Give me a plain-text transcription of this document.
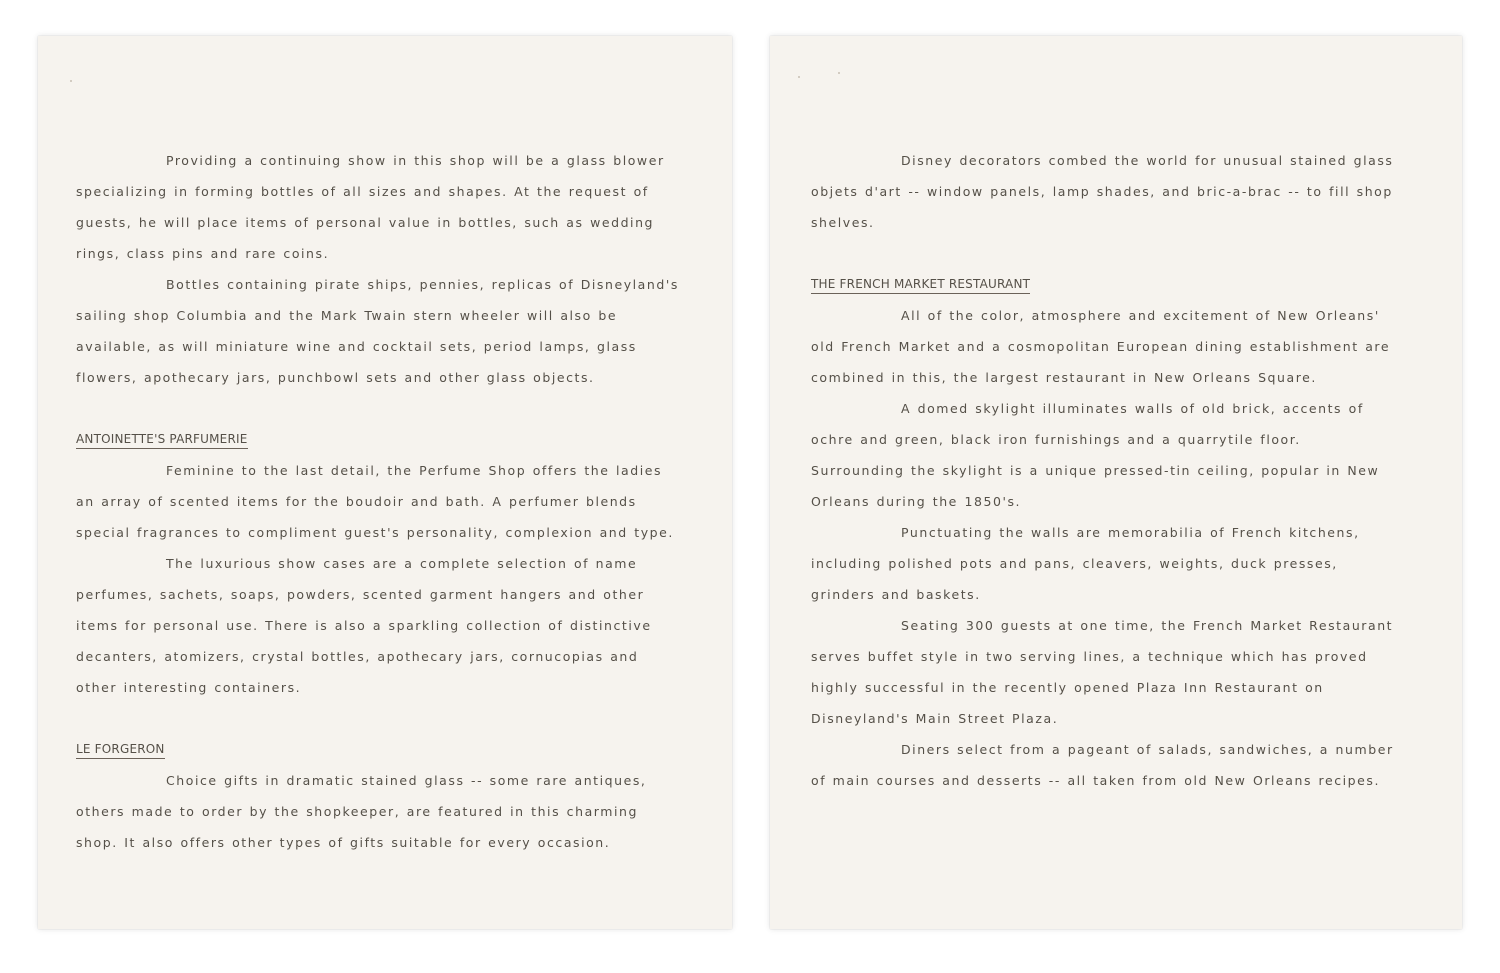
Providing a continuing show in this shop will be a glass blower specializing in forming bottles of all sizes and shapes. At the request of guests, he will place items of personal value in bottles, such as wedding rings, class pins and rare coins.

Bottles containing pirate ships, pennies, replicas of Disneyland's sailing shop Columbia and the Mark Twain stern wheeler will also be available, as will miniature wine and cocktail sets, period lamps, glass flowers, apothecary jars, punchbowl sets and other glass objects.

ANTOINETTE'S PARFUMERIE

Feminine to the last detail, the Perfume Shop offers the ladies an array of scented items for the boudoir and bath. A perfumer blends special fragrances to compliment guest's personality, complexion and type.

The luxurious show cases are a complete selection of name perfumes, sachets, soaps, powders, scented garment hangers and other items for personal use. There is also a sparkling collection of distinctive decanters, atomizers, crystal bottles, apothecary jars, cornucopias and other interesting containers.

LE FORGERON

Choice gifts in dramatic stained glass -- some rare antiques, others made to order by the shopkeeper, are featured in this charming shop. It also offers other types of gifts suitable for every occasion.

Disney decorators combed the world for unusual stained glass objets d'art -- window panels, lamp shades, and bric-a-brac -- to fill shop shelves.

THE FRENCH MARKET RESTAURANT

All of the color, atmosphere and excitement of New Orleans' old French Market and a cosmopolitan European dining establishment are combined in this, the largest restaurant in New Orleans Square.

A domed skylight illuminates walls of old brick, accents of ochre and green, black iron furnishings and a quarrytile floor. Surrounding the skylight is a unique pressed-tin ceiling, popular in New Orleans during the 1850's.

Punctuating the walls are memorabilia of French kitchens, including polished pots and pans, cleavers, weights, duck presses, grinders and baskets.

Seating 300 guests at one time, the French Market Restaurant serves buffet style in two serving lines, a technique which has proved highly successful in the recently opened Plaza Inn Restaurant on Disneyland's Main Street Plaza.

Diners select from a pageant of salads, sandwiches, a number of main courses and desserts -- all taken from old New Orleans recipes.
